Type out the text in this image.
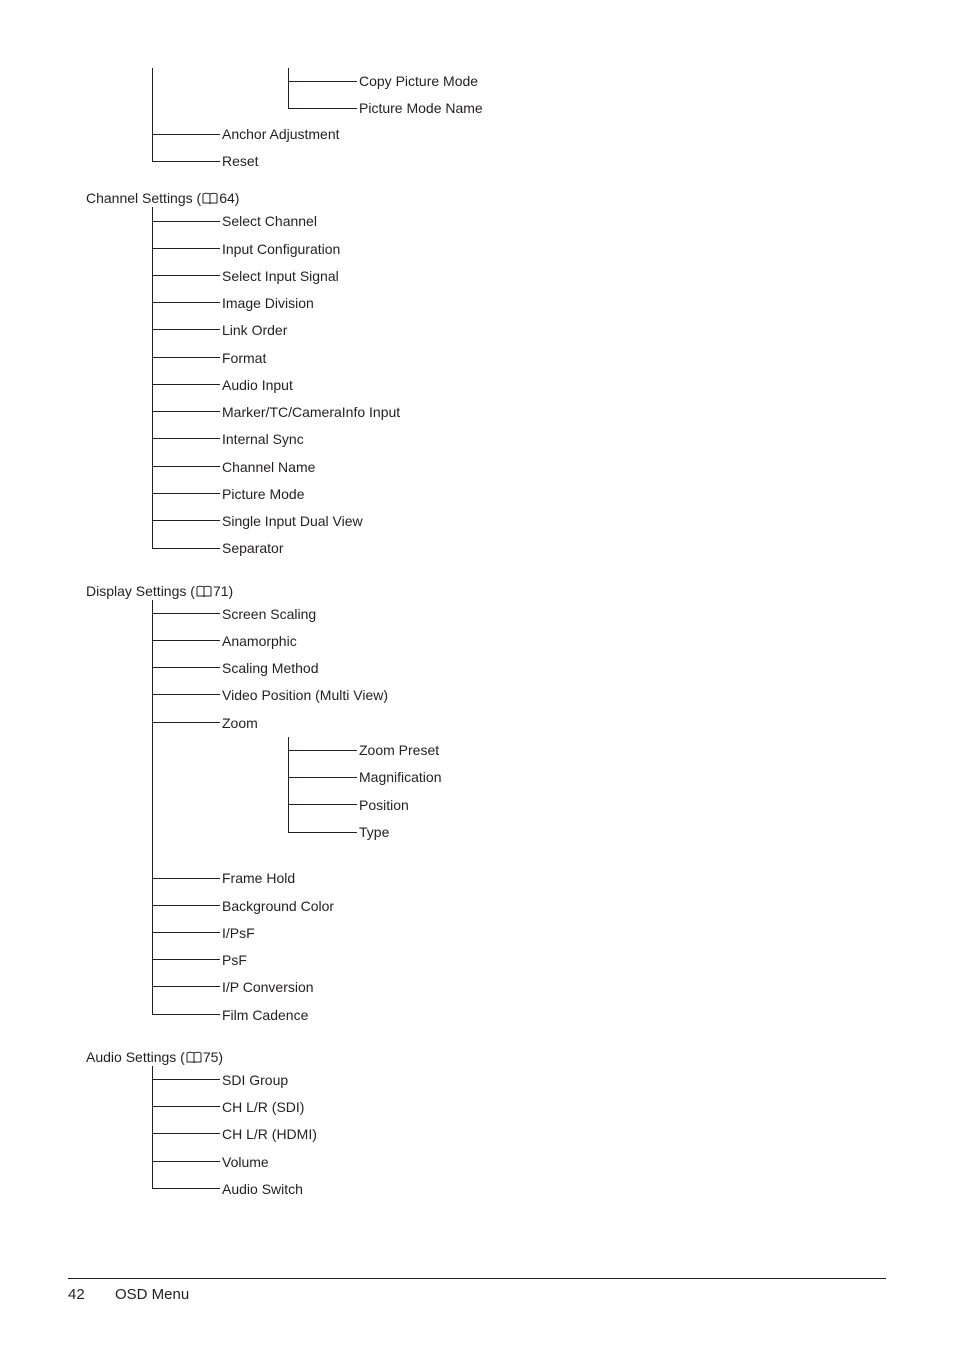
Copy Picture Mode
Picture Mode Name
Anchor Adjustment
Reset
Channel Settings ( 64)
Select Channel
Input Configuration
Select Input Signal
Image Division
Link Order
Format
Audio Input
Marker/TC/CameraInfo Input
Internal Sync
Channel Name
Picture Mode
Single Input Dual View
Separator
Display Settings ( 71)
Screen Scaling
Anamorphic
Scaling Method
Video Position (Multi View)
Zoom
Zoom Preset
Magnification
Position
Type
Frame Hold
Background Color
I/PsF
PsF
I/P Conversion
Film Cadence
Audio Settings ( 75)
SDI Group
CH L/R (SDI)
CH L/R (HDMI)
Volume
Audio Switch
42 OSD Menu
